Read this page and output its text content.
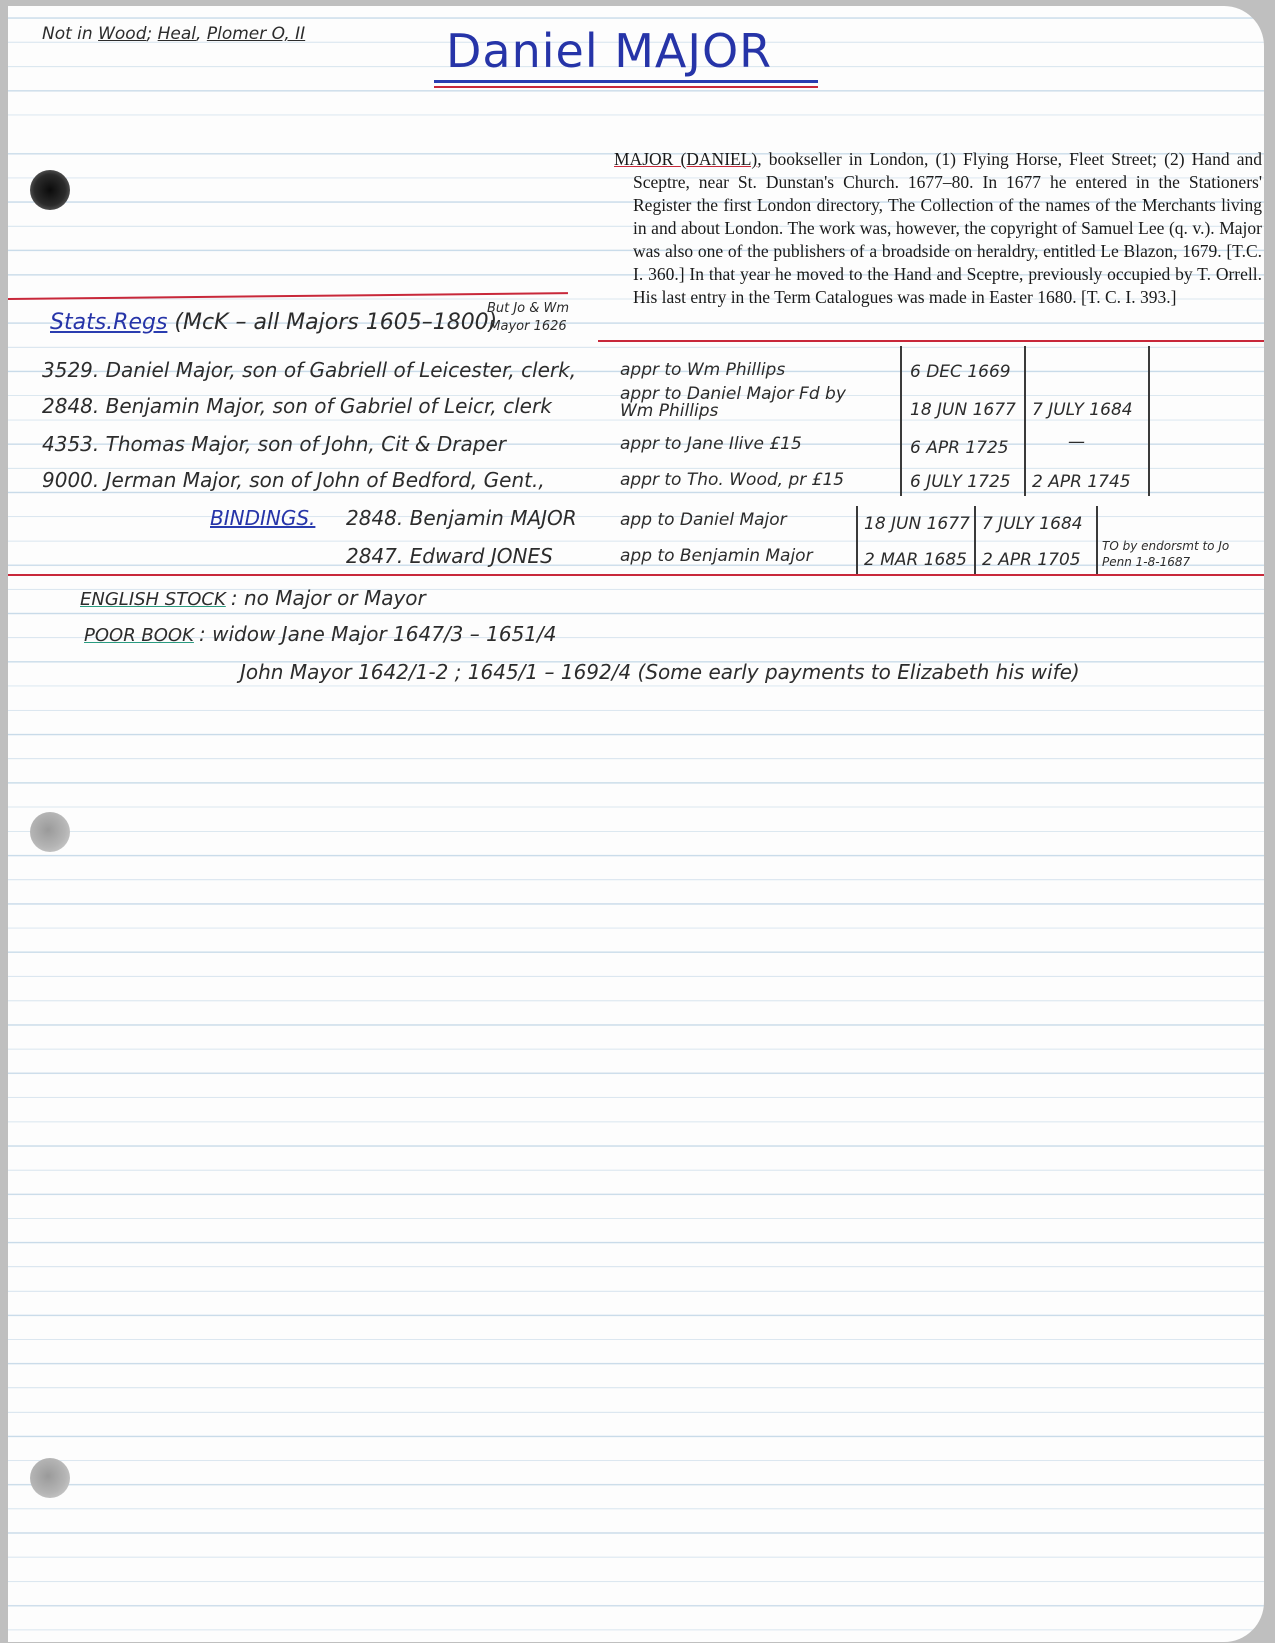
Not in Wood; Heal, Plomer O, II	Daniel MAJOR

MAJOR (DANIEL), bookseller in London, (1) Flying Horse, Fleet Street; (2) Hand and Sceptre, near St. Dunstan's Church. 1677–80. In 1677 he entered in the Stationers' Register the first London directory, The Collection of the names of the Merchants living in and about London. The work was, however, the copyright of Samuel Lee (q. v.). Major was also one of the publishers of a broadside on heraldry, entitled Le Blazon, 1679. [T.C. I. 360.] In that year he moved to the Hand and Sceptre, previously occupied by T. Orrell. His last entry in the Term Catalogues was made in Easter 1680. [T. C. I. 393.]

Stats.Regs (McK – all Majors 1605–1800)
But Jo & Wm Mayor 1626
3529. Daniel Major, son of Gabriell of Leicester, clerk,	appr to Wm Phillips	6 DEC 1669
2848. Benjamin Major, son of Gabriel of Leicr, clerk	appr to Daniel Major Fd by Wm Phillips	18 JUN 1677 7 JULY 1684
4353. Thomas Major, son of John, Cit & Draper	appr to Jane Ilive £15	6 APR 1725	—
9000. Jerman Major, son of John of Bedford, Gent.,	appr to Tho. Wood, pr £15	6 JULY 1725 2 APR 1745
BINDINGS. 2848. Benjamin MAJOR	app to Daniel Major	18 JUN 1677 7 JULY 1684
2847. Edward JONES	app to Benjamin Major	2 MAR 1685 2 APR 1705
TO by endorsmt to Jo Penn 1-8-1687
ENGLISH STOCK : no Major or Mayor
POOR BOOK : widow Jane Major 1647/3 – 1651/4
John Mayor 1642/1-2 ; 1645/1 – 1692/4 (Some early payments to Elizabeth his wife)
